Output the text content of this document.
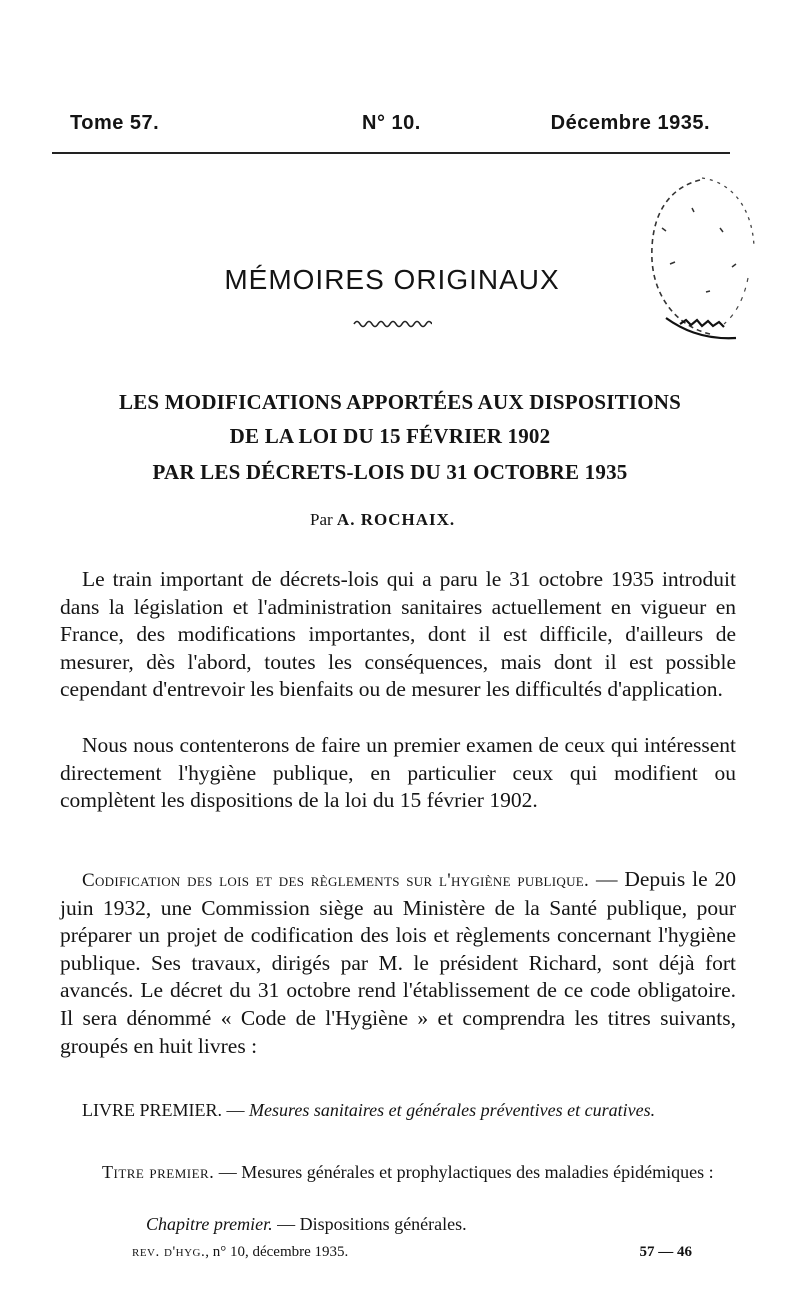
Tome 57.	N° 10.	Décembre 1935.
MÉMOIRES ORIGINAUX
LES MODIFICATIONS APPORTÉES AUX DISPOSITIONS
DE LA LOI DU 15 FÉVRIER 1902
PAR LES DÉCRETS-LOIS DU 31 OCTOBRE 1935
Par A. ROCHAIX.

Le train important de décrets-lois qui a paru le 31 octobre 1935 introduit dans la législation et l'administration sanitaires actuellement en vigueur en France, des modifications importantes, dont il est difficile, d'ailleurs de mesurer, dès l'abord, toutes les conséquences, mais dont il est possible cependant d'entrevoir les bienfaits ou de mesurer les difficultés d'application.

Nous nous contenterons de faire un premier examen de ceux qui intéressent directement l'hygiène publique, en particulier ceux qui modifient ou complètent les dispositions de la loi du 15 février 1902.

Codification des lois et des règlements sur l'hygiène publique. — Depuis le 20 juin 1932, une Commission siège au Ministère de la Santé publique, pour préparer un projet de codification des lois et règlements concernant l'hygiène publique. Ses travaux, dirigés par M. le président Richard, sont déjà fort avancés. Le décret du 31 octobre rend l'établissement de ce code obligatoire. Il sera dénommé « Code de l'Hygiène » et comprendra les titres suivants, groupés en huit livres :

LIVRE PREMIER. — Mesures sanitaires et générales préventives et curatives.
Titre premier. — Mesures générales et prophylactiques des maladies épidémiques :
Chapitre premier. — Dispositions générales.
rev. d'hyg., n° 10, décembre 1935.	57 — 46
